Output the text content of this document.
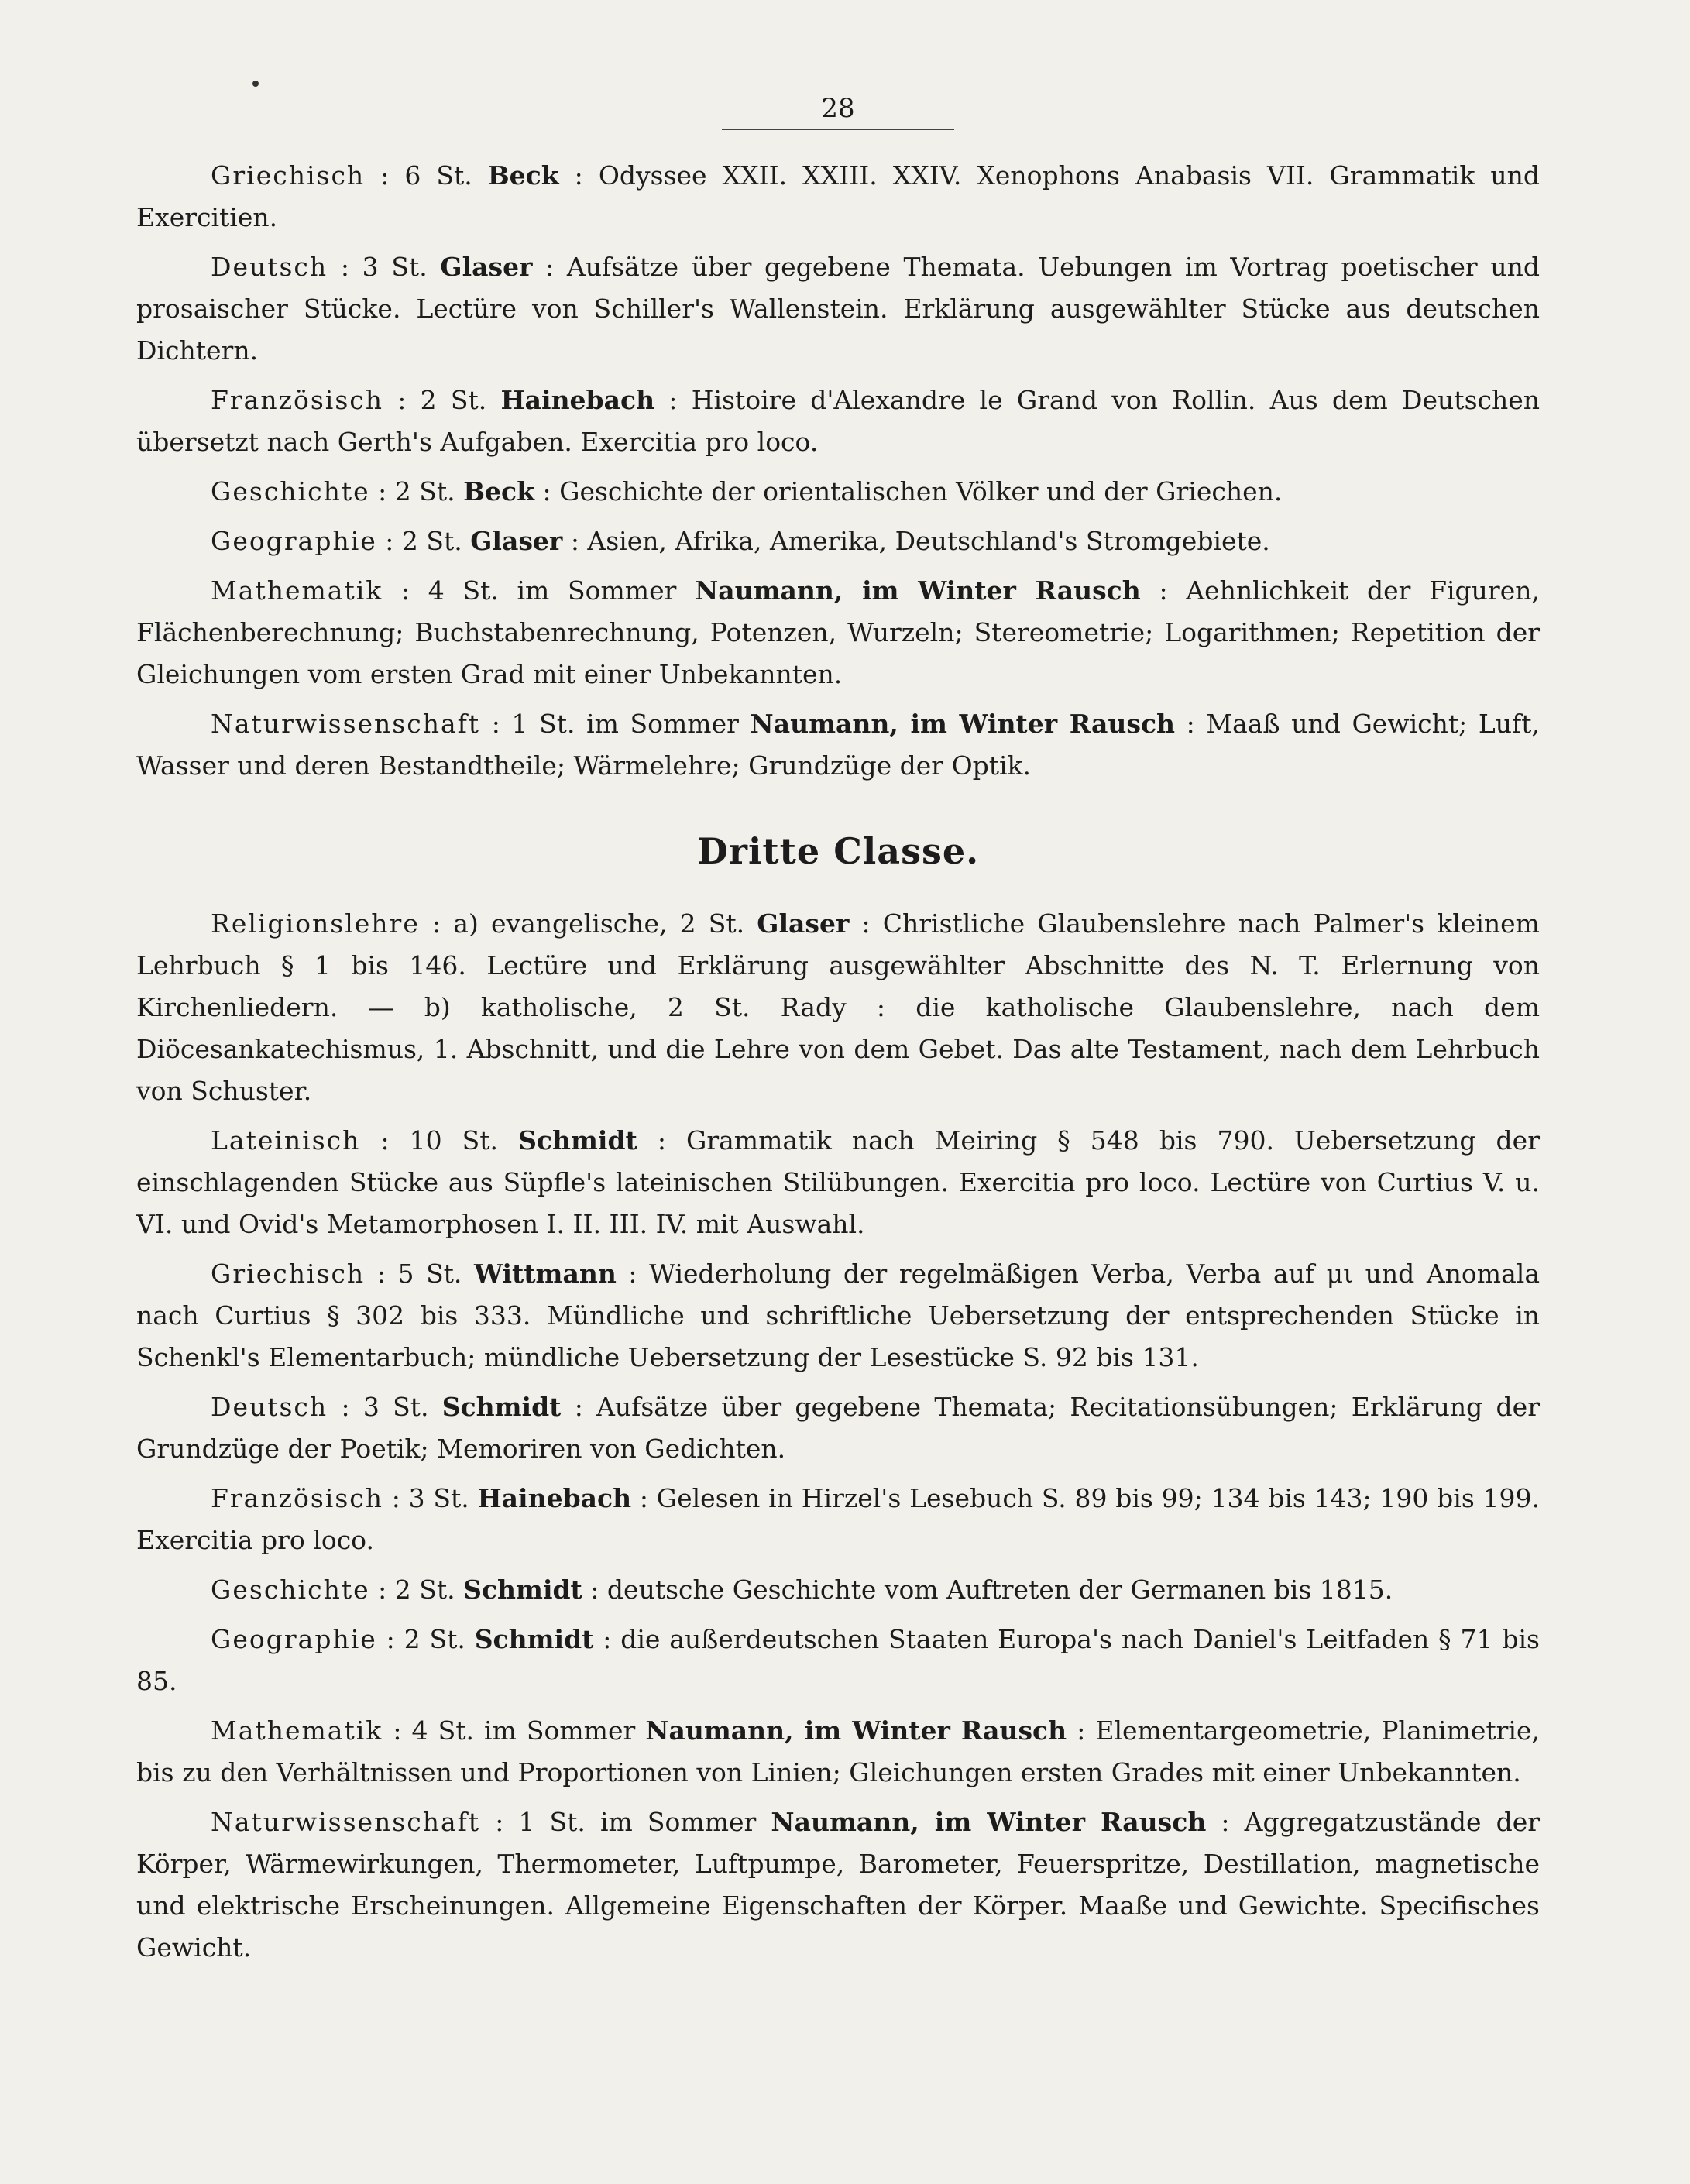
28

Griechisch : 6 St. Beck : Odyssee XXII. XXIII. XXIV. Xenophons Anabasis VII. Grammatik und Exercitien.

Deutsch : 3 St. Glaser : Aufsätze über gegebene Themata. Uebungen im Vortrag poetischer und prosaischer Stücke. Lectüre von Schiller's Wallenstein. Erklärung ausgewählter Stücke aus deutschen Dichtern.

Französisch : 2 St. Hainebach : Histoire d'Alexandre le Grand von Rollin. Aus dem Deutschen übersetzt nach Gerth's Aufgaben. Exercitia pro loco.

Geschichte : 2 St. Beck : Geschichte der orientalischen Völker und der Griechen.

Geographie : 2 St. Glaser : Asien, Afrika, Amerika, Deutschland's Stromgebiete.

Mathematik : 4 St. im Sommer Naumann, im Winter Rausch : Aehnlichkeit der Figuren, Flächenberechnung; Buchstabenrechnung, Potenzen, Wurzeln; Stereometrie; Logarithmen; Repetition der Gleichungen vom ersten Grad mit einer Unbekannten.

Naturwissenschaft : 1 St. im Sommer Naumann, im Winter Rausch : Maaß und Gewicht; Luft, Wasser und deren Bestandtheile; Wärmelehre; Grundzüge der Optik.

Dritte Classe.

Religionslehre : a) evangelische, 2 St. Glaser : Christliche Glaubenslehre nach Palmer's kleinem Lehrbuch § 1 bis 146. Lectüre und Erklärung ausgewählter Abschnitte des N. T. Erlernung von Kirchenliedern. — b) katholische, 2 St. Rady : die katholische Glaubenslehre, nach dem Diöcesankatechismus, 1. Abschnitt, und die Lehre von dem Gebet. Das alte Testament, nach dem Lehrbuch von Schuster.

Lateinisch : 10 St. Schmidt : Grammatik nach Meiring § 548 bis 790. Uebersetzung der einschlagenden Stücke aus Süpfle's lateinischen Stilübungen. Exercitia pro loco. Lectüre von Curtius V. u. VI. und Ovid's Metamorphosen I. II. III. IV. mit Auswahl.

Griechisch : 5 St. Wittmann : Wiederholung der regelmäßigen Verba, Verba auf μι und Anomala nach Curtius § 302 bis 333. Mündliche und schriftliche Uebersetzung der entsprechenden Stücke in Schenkl's Elementarbuch; mündliche Uebersetzung der Lesestücke S. 92 bis 131.

Deutsch : 3 St. Schmidt : Aufsätze über gegebene Themata; Recitationsübungen; Erklärung der Grundzüge der Poetik; Memoriren von Gedichten.

Französisch : 3 St. Hainebach : Gelesen in Hirzel's Lesebuch S. 89 bis 99; 134 bis 143; 190 bis 199. Exercitia pro loco.

Geschichte : 2 St. Schmidt : deutsche Geschichte vom Auftreten der Germanen bis 1815.

Geographie : 2 St. Schmidt : die außerdeutschen Staaten Europa's nach Daniel's Leitfaden § 71 bis 85.

Mathematik : 4 St. im Sommer Naumann, im Winter Rausch : Elementargeometrie, Planimetrie, bis zu den Verhältnissen und Proportionen von Linien; Gleichungen ersten Grades mit einer Unbekannten.

Naturwissenschaft : 1 St. im Sommer Naumann, im Winter Rausch : Aggregatzustände der Körper, Wärmewirkungen, Thermometer, Luftpumpe, Barometer, Feuerspritze, Destillation, magnetische und elektrische Erscheinungen. Allgemeine Eigenschaften der Körper. Maaße und Gewichte. Specifisches Gewicht.
